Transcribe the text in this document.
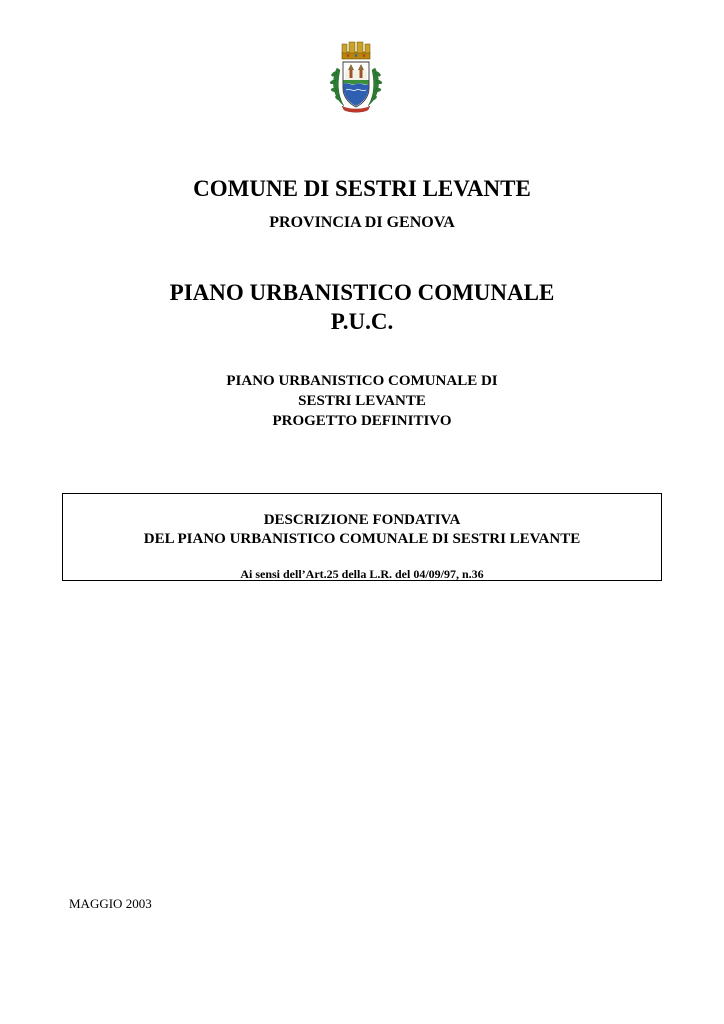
COMUNE DI SESTRI LEVANTE
PROVINCIA DI GENOVA
PIANO URBANISTICO COMUNALE
P.U.C.
PIANO URBANISTICO COMUNALE DI
SESTRI LEVANTE
PROGETTO DEFINITIVO
DESCRIZIONE FONDATIVA
DEL PIANO URBANISTICO COMUNALE DI SESTRI LEVANTE
Ai sensi dell’Art.25 della L.R. del 04/09/97, n.36
MAGGIO 2003
